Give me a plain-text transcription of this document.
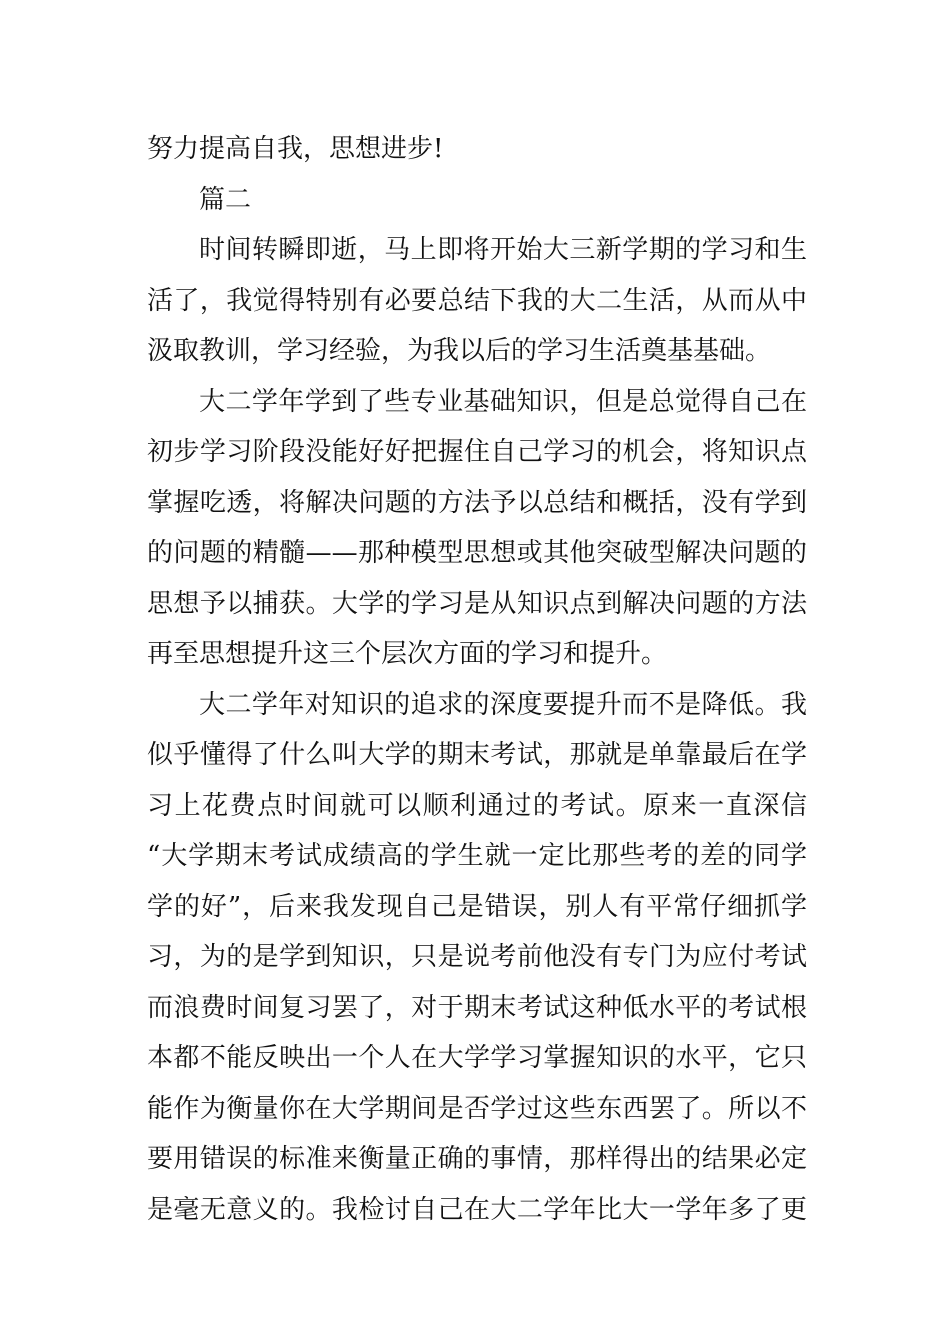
努力提高自我，思想进步!
篇二
时间转瞬即逝，马上即将开始大三新学期的学习和生
活了，我觉得特别有必要总结下我的大二生活，从而从中
汲取教训，学习经验，为我以后的学习生活奠基基础。
大二学年学到了些专业基础知识，但是总觉得自己在
初步学习阶段没能好好把握住自己学习的机会，将知识点
掌握吃透，将解决问题的方法予以总结和概括，没有学到
的问题的精髓——那种模型思想或其他突破型解决问题的
思想予以捕获。大学的学习是从知识点到解决问题的方法
再至思想提升这三个层次方面的学习和提升。
大二学年对知识的追求的深度要提升而不是降低。我
似乎懂得了什么叫大学的期末考试，那就是单靠最后在学
习上花费点时间就可以顺利通过的考试。原来一直深信
“大学期末考试成绩高的学生就一定比那些考的差的同学
学的好”，后来我发现自己是错误，别人有平常仔细抓学
习，为的是学到知识，只是说考前他没有专门为应付考试
而浪费时间复习罢了，对于期末考试这种低水平的考试根
本都不能反映出一个人在大学学习掌握知识的水平，它只
能作为衡量你在大学期间是否学过这些东西罢了。所以不
要用错误的标准来衡量正确的事情，那样得出的结果必定
是毫无意义的。我检讨自己在大二学年比大一学年多了更
